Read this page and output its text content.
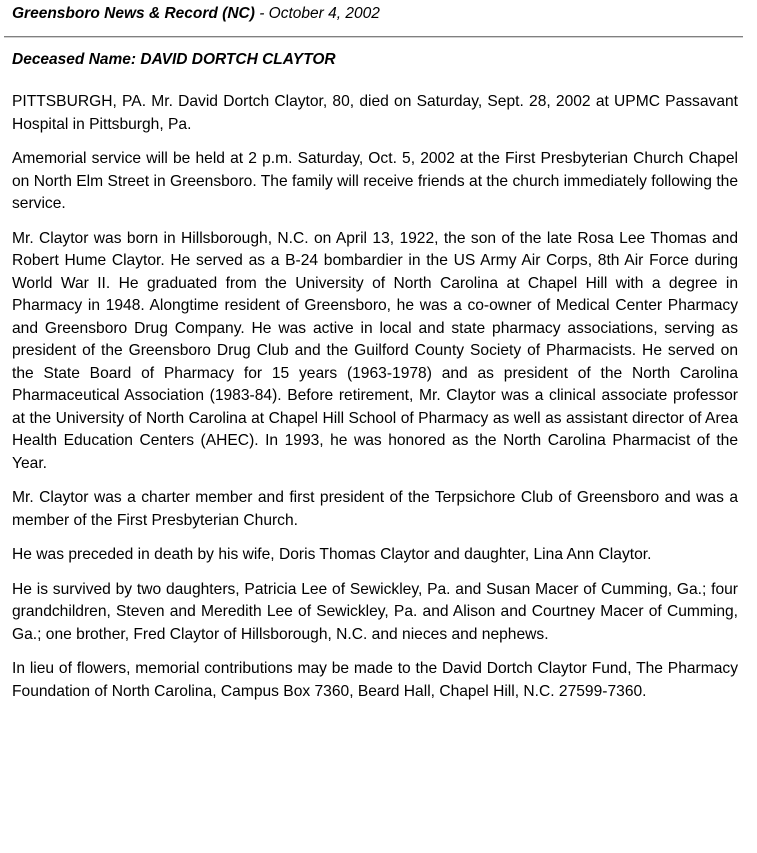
Greensboro News & Record (NC) - October 4, 2002
Deceased Name: DAVID DORTCH CLAYTOR

PITTSBURGH, PA. Mr. David Dortch Claytor, 80, died on Saturday, Sept. 28, 2002 at UPMC Passavant Hospital in Pittsburgh, Pa.

Amemorial service will be held at 2 p.m. Saturday, Oct. 5, 2002 at the First Presbyterian Church Chapel on North Elm Street in Greensboro. The family will receive friends at the church immediately following the service.

Mr. Claytor was born in Hillsborough, N.C. on April 13, 1922, the son of the late Rosa Lee Thomas and Robert Hume Claytor. He served as a B-24 bombardier in the US Army Air Corps, 8th Air Force during World War II. He graduated from the University of North Carolina at Chapel Hill with a degree in Pharmacy in 1948. Alongtime resident of Greensboro, he was a co-owner of Medical Center Pharmacy and Greensboro Drug Company. He was active in local and state pharmacy associations, serving as president of the Greensboro Drug Club and the Guilford County Society of Pharmacists. He served on the State Board of Pharmacy for 15 years (1963-1978) and as president of the North Carolina Pharmaceutical Association (1983-84). Before retirement, Mr. Claytor was a clinical associate professor at the University of North Carolina at Chapel Hill School of Pharmacy as well as assistant director of Area Health Education Centers (AHEC). In 1993, he was honored as the North Carolina Pharmacist of the Year.

Mr. Claytor was a charter member and first president of the Terpsichore Club of Greensboro and was a member of the First Presbyterian Church.

He was preceded in death by his wife, Doris Thomas Claytor and daughter, Lina Ann Claytor.

He is survived by two daughters, Patricia Lee of Sewickley, Pa. and Susan Macer of Cumming, Ga.; four grandchildren, Steven and Meredith Lee of Sewickley, Pa. and Alison and Courtney Macer of Cumming, Ga.; one brother, Fred Claytor of Hillsborough, N.C. and nieces and nephews.

In lieu of flowers, memorial contributions may be made to the David Dortch Claytor Fund, The Pharmacy Foundation of North Carolina, Campus Box 7360, Beard Hall, Chapel Hill, N.C. 27599-7360.
